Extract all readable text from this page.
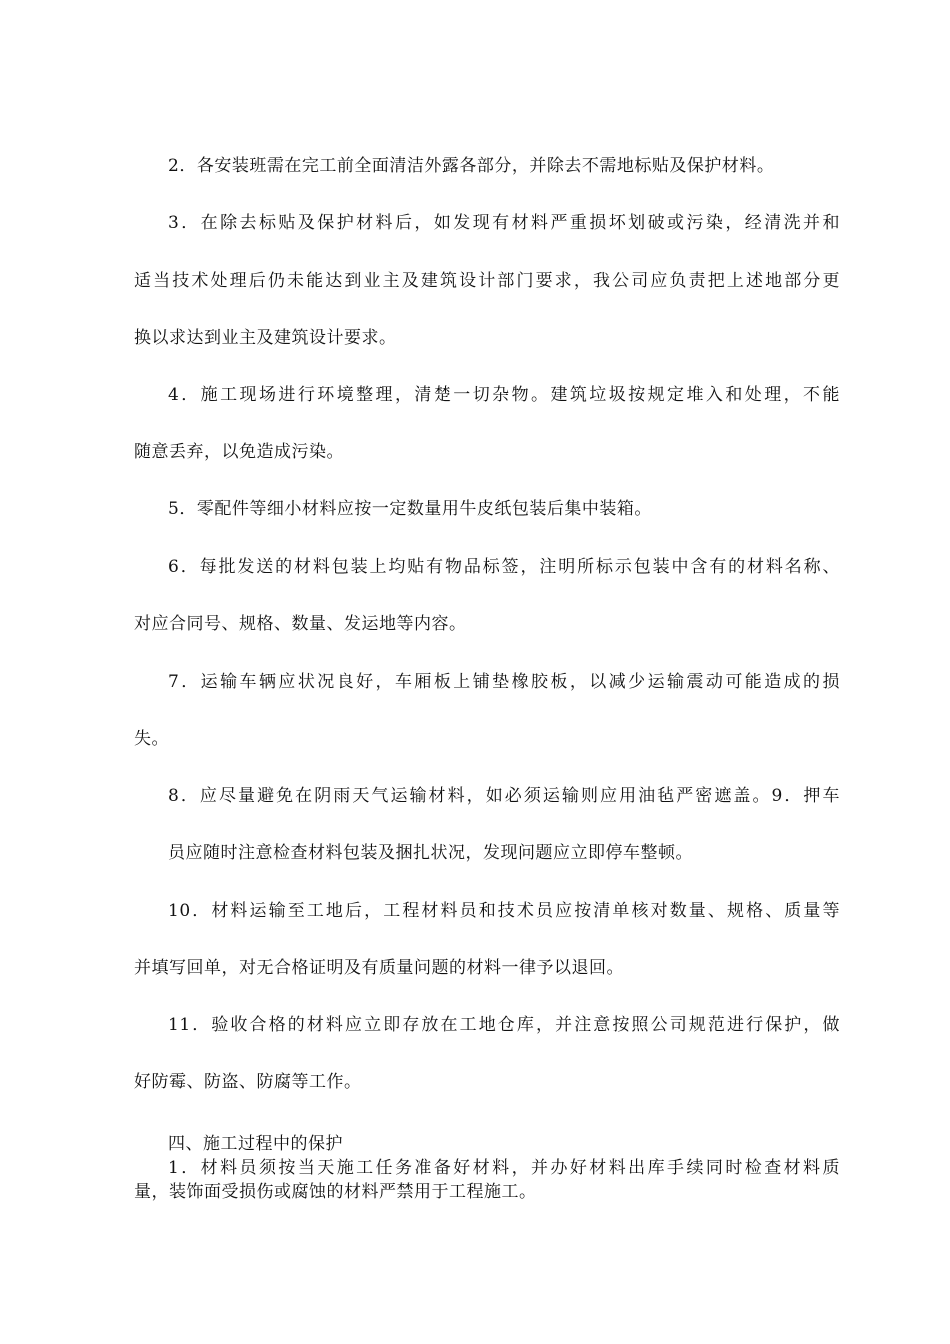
2．各安装班需在完工前全面清洁外露各部分，并除去不需地标贴及保护材料。
3．在除去标贴及保护材料后，如发现有材料严重损坏划破或污染，经清洗并和
适当技术处理后仍未能达到业主及建筑设计部门要求，我公司应负责把上述地部分更
换以求达到业主及建筑设计要求。
4．施工现场进行环境整理，清楚一切杂物。建筑垃圾按规定堆入和处理，不能
随意丢弃，以免造成污染。
5．零配件等细小材料应按一定数量用牛皮纸包装后集中装箱。
6．每批发送的材料包装上均贴有物品标签，注明所标示包装中含有的材料名称、
对应合同号、规格、数量、发运地等内容。
7．运输车辆应状况良好，车厢板上铺垫橡胶板，以减少运输震动可能造成的损
失。
8．应尽量避免在阴雨天气运输材料，如必须运输则应用油毡严密遮盖。9．押车
员应随时注意检查材料包装及捆扎状况，发现问题应立即停车整顿。
10．材料运输至工地后，工程材料员和技术员应按清单核对数量、规格、质量等
并填写回单，对无合格证明及有质量问题的材料一律予以退回。
11．验收合格的材料应立即存放在工地仓库，并注意按照公司规范进行保护，做
好防霉、防盗、防腐等工作。
四、施工过程中的保护
1．材料员须按当天施工任务准备好材料，并办好材料出库手续同时检查材料质
量，装饰面受损伤或腐蚀的材料严禁用于工程施工。
